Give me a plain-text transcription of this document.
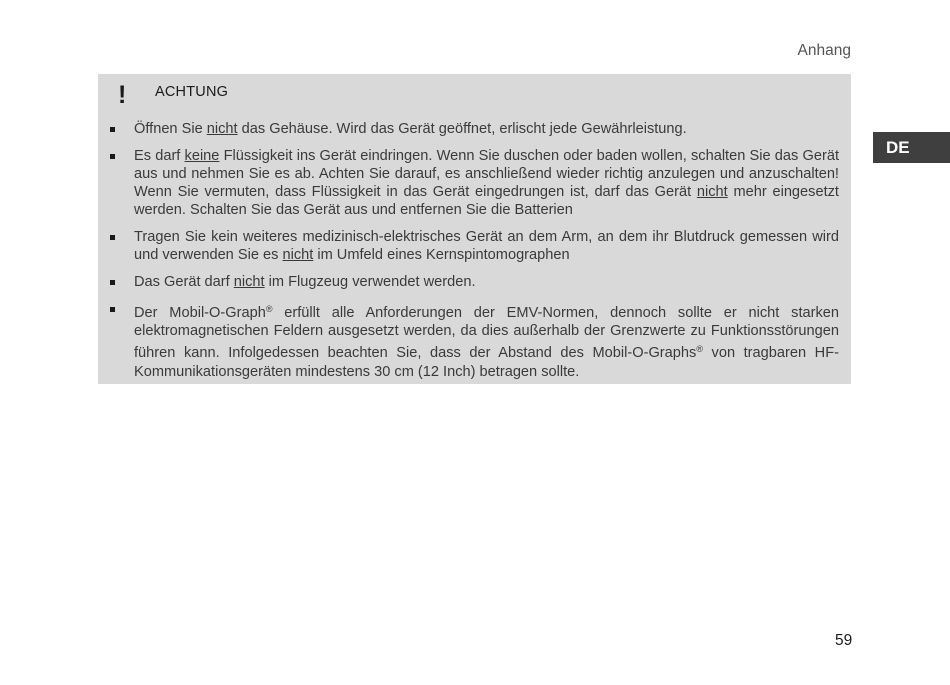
Anhang
DE
! ACHTUNG
Öffnen Sie nicht das Gehäuse. Wird das Gerät geöffnet, erlischt jede Gewährleistung.
Es darf keine Flüssigkeit ins Gerät eindringen. Wenn Sie duschen oder baden wollen, schalten Sie das Gerät aus und nehmen Sie es ab. Achten Sie darauf, es anschließend wieder richtig anzulegen und anzuschalten! Wenn Sie vermuten, dass Flüssigkeit in das Gerät eingedrungen ist, darf das Gerät nicht mehr eingesetzt werden. Schalten Sie das Gerät aus und entfernen Sie die Batterien
Tragen Sie kein weiteres medizinisch-elektrisches Gerät an dem Arm, an dem ihr Blutdruck gemessen wird und verwenden Sie es nicht im Umfeld eines Kernspintomographen
Das Gerät darf nicht im Flugzeug verwendet werden.
Der Mobil-O-Graph® erfüllt alle Anforderungen der EMV-Normen, dennoch sollte er nicht starken elektromagnetischen Feldern ausgesetzt werden, da dies außerhalb der Grenzwerte zu Funktionsstörungen führen kann. Infolgedessen beachten Sie, dass der Abstand des Mobil-O-Graphs® von tragbaren HF-Kommunikationsgeräten mindestens 30 cm (12 Inch) betragen sollte.
59
